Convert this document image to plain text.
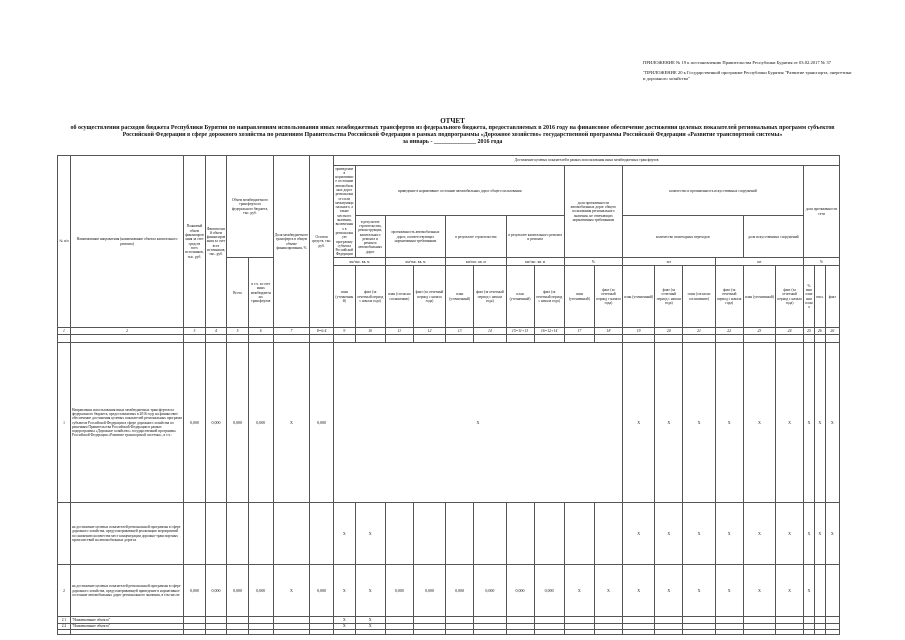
ПРИЛОЖЕНИЕ № 19 к постановлению Правительства Республики Бурятия от 03.02.2017 № 37

"ПРИЛОЖЕНИЕ 20 к Государственной программе Республики Бурятия "Развитие транспорта, энергетики и дорожного хозяйства"

ОТЧЕТ
об осуществлении расходов бюджета Республики Бурятия по направлениям использования иных межбюджетных трансфертов из федерального бюджета, предоставляемых в 2016 году на финансовое обеспечение достижения целевых показателей региональных программ субъектов Российской Федерации в сфере дорожного хозяйства по решениям Правительства Российской Федерации в рамках подпрограммы «Дорожное хозяйство» государственной программы Российской Федерации «Развитие транспортной системы»
за январь - ______________ 2016 года
№ п/п	Наименование направления (наименование объекта капитального ремонта)	Плановый объем финансирования за счет средств всех источников, тыс. руб.	Фактический объем финансирования за счет всех источников, тыс. руб.	Объем межбюджетного трансферта из федерального бюджета, тыс. руб.		Доля межбюджетного трансферта в общем объеме финансирования, %	Остаток средств, тыс. руб.	Достижение целевых показателей в рамках использования иных межбюджетных трансфертов																		
								приведение в нормативное состояние автомобильных дорог регионального или межмуниципального, а также местного значения, включенных в региональную программу субъекта Российской Федерации	приведение в нормативное состояние автомобильных дорог общего пользования							доля протяженности автомобильных дорог общего пользования регионального значения, не отвечающих нормативным требованиям		количество и протяженность искусственных сооружений						доля протяженности сети		
									в результате строительства, реконструкции, капитального ремонта и ремонта автомобильных дорог	протяженность автомобильных дорог, соответствующих нормативным требованиям		в результате строительства		в результате капитального ремонта и ремонта				количество пешеходных переходов				доля искусственных сооружений				
				Всего	в т.ч. за счет иных межбюджетных трансфертов			км/тыс. кв. м		км/тыс. кв. м		км/тыс. кв. м		км/тыс. кв. м		%		шт			шт			%		
								план (уточненный)	факт (за отчетный период с начала года)	план (согласно соглашению)	факт (за отчетный период с начала года)	план (уточненный)	факт (за отчетный период с начала года)	план (уточненный)	факт (за отчетный период с начала года)	план (уточненный)	факт (за отчетный период с начала года)	план (уточненный)	факт (за отчетный период с начала года)	план (согласно соглашению)	факт (за отчетный период с начала года)	план (уточненный)	факт (за отчетный период с начала года)	% выполнения плана	откл.	факт
1	2	3	4	5	6	7	8=6:4	9	10	11	12	13	14	15=11+13	16=12+14	17	18	19	20	21	22	23	24	25	26	26

1	Направления использования иных межбюджетных трансфертов из федерального бюджета, предоставляемых в 2016 году на финансовое обеспечение достижения целевых показателей региональных программ субъектов Российской Федерации в сфере дорожного хозяйства по решениям Правительства Российской Федерации в рамках подпрограммы «Дорожное хозяйство» государственной программы Российской Федерации «Развитие транспортной системы», в т.ч.:	0,000	0,000	0,000	0,000	X	0,000	X										X	X	X	X	X	X	X	X	X
	на достижение целевых показателей региональной программы в сфере дорожного хозяйства, предусматривающей реализацию мероприятий по снижению количества мест концентрации дорожно-транспортных происшествий на автомобильных дорогах							X	X									X	X	X	X	X	X	X	X	X
2	на достижение целевых показателей региональной программы в сфере дорожного хозяйства, предусматривающей приведение в нормативное состояние автомобильных дорог регионального значения, в том числе:	0,000	0,000	0,000	0,000	X	0,000	X	X	0,000	0,000	0,000	0,000	0,000	0,000	X	X	X	X	X	X	X	X	X		
2.1	"Наименование объекта"							X	X																	
2.2	"Наименование объекта"							X	X																	
